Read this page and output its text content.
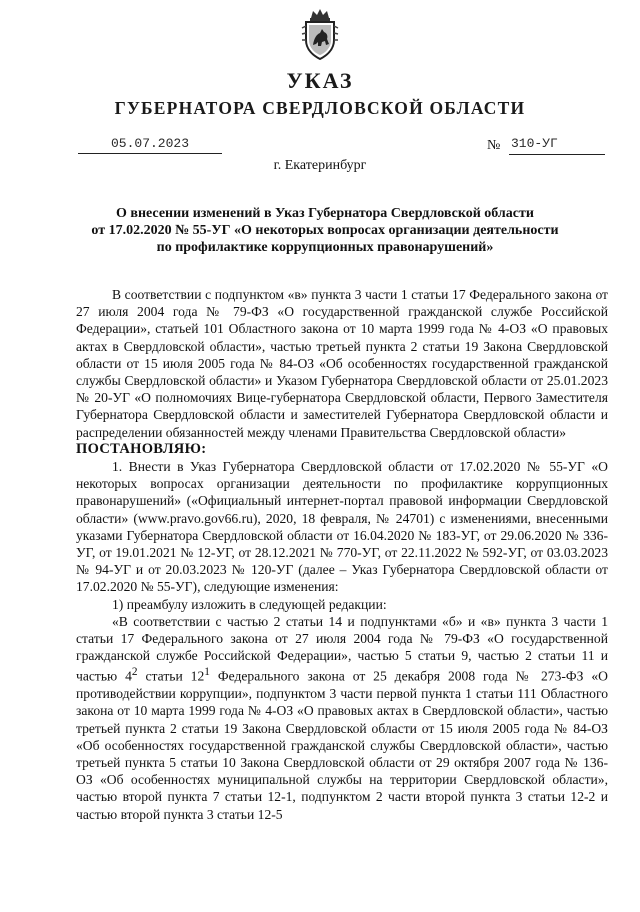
УКАЗ
ГУБЕРНАТОРА СВЕРДЛОВСКОЙ ОБЛАСТИ
05.07.2023	№ 310-УГ
г. Екатеринбург
О внесении изменений в Указ Губернатора Свердловской области
от 17.02.2020 № 55-УГ «О некоторых вопросах организации деятельности
по профилактике коррупционных правонарушений»

В соответствии с подпунктом «в» пункта 3 части 1 статьи 17 Федерального закона от 27 июля 2004 года № 79-ФЗ «О государственной гражданской службе Российской Федерации», статьей 101 Областного закона от 10 марта 1999 года № 4-ОЗ «О правовых актах в Свердловской области», частью третьей пункта 2 статьи 19 Закона Свердловской области от 15 июля 2005 года № 84-ОЗ «Об особенностях государственной гражданской службы Свердловской области» и Указом Губернатора Свердловской области от 25.01.2023 № 20-УГ «О полномочиях Вице-губернатора Свердловской области, Первого Заместителя Губернатора Свердловской области и заместителей Губернатора Свердловской области и распределении обязанностей между членами Правительства Свердловской области»

ПОСТАНОВЛЯЮ:

1. Внести в Указ Губернатора Свердловской области от 17.02.2020 № 55-УГ «О некоторых вопросах организации деятельности по профилактике коррупционных правонарушений» («Официальный интернет-портал правовой информации Свердловской области» (www.pravo.gov66.ru), 2020, 18 февраля, № 24701) с изменениями, внесенными указами Губернатора Свердловской области от 16.04.2020 № 183-УГ, от 29.06.2020 № 336-УГ, от 19.01.2021 № 12-УГ, от 28.12.2021 № 770-УГ, от 22.11.2022 № 592-УГ, от 03.03.2023 № 94-УГ и от 20.03.2023 № 120-УГ (далее – Указ Губернатора Свердловской области от 17.02.2020 № 55-УГ), следующие изменения:

1) преамбулу изложить в следующей редакции:

«В соответствии с частью 2 статьи 14 и подпунктами «б» и «в» пункта 3 части 1 статьи 17 Федерального закона от 27 июля 2004 года № 79-ФЗ «О государственной гражданской службе Российской Федерации», частью 5 статьи 9, частью 2 статьи 11 и частью $4^2$ статьи $12^1$ Федерального закона от 25 декабря 2008 года № 273-ФЗ «О противодействии коррупции», подпунктом 3 части первой пункта 1 статьи 111 Областного закона от 10 марта 1999 года № 4-ОЗ «О правовых актах в Свердловской области», частью третьей пункта 2 статьи 19 Закона Свердловской области от 15 июля 2005 года № 84-ОЗ «Об особенностях государственной гражданской службы Свердловской области», частью третьей пункта 5 статьи 10 Закона Свердловской области от 29 октября 2007 года № 136-ОЗ «Об особенностях муниципальной службы на территории Свердловской области», частью второй пункта 7 статьи 12-1, подпунктом 2 части второй пункта 3 статьи 12-2 и частью второй пункта 3 статьи 12-5
